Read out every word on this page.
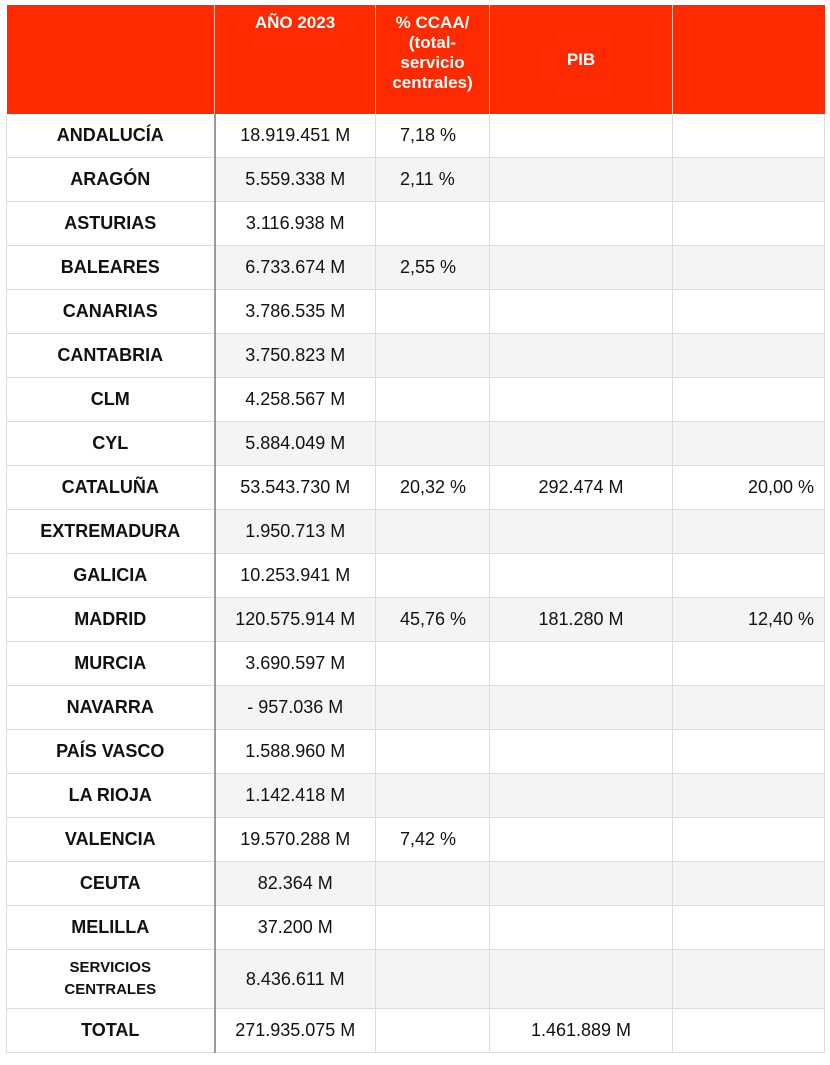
	AÑO 2023	% CCAA/
(total-
servicio
centrales)	PIB	
ANDALUCÍA	18.919.451 M	7,18 %		
ARAGÓN	5.559.338 M	2,11 %		
ASTURIAS	3.116.938 M			
BALEARES	6.733.674 M	2,55 %		
CANARIAS	3.786.535 M			
CANTABRIA	3.750.823 M			
CLM	4.258.567 M			
CYL	5.884.049 M			
CATALUÑA	53.543.730 M	20,32 %	292.474 M	20,00 %
EXTREMADURA	1.950.713 M			
GALICIA	10.253.941 M			
MADRID	120.575.914 M	45,76 %	181.280 M	12,40 %
MURCIA	3.690.597 M			
NAVARRA	- 957.036 M			
PAÍS VASCO	1.588.960 M			
LA RIOJA	1.142.418 M			
VALENCIA	19.570.288 M	7,42 %		
CEUTA	82.364 M			
MELILLA	37.200 M			

SERVICIOS
CENTRALES	8.436.611 M			
TOTAL	271.935.075 M		1.461.889 M	
